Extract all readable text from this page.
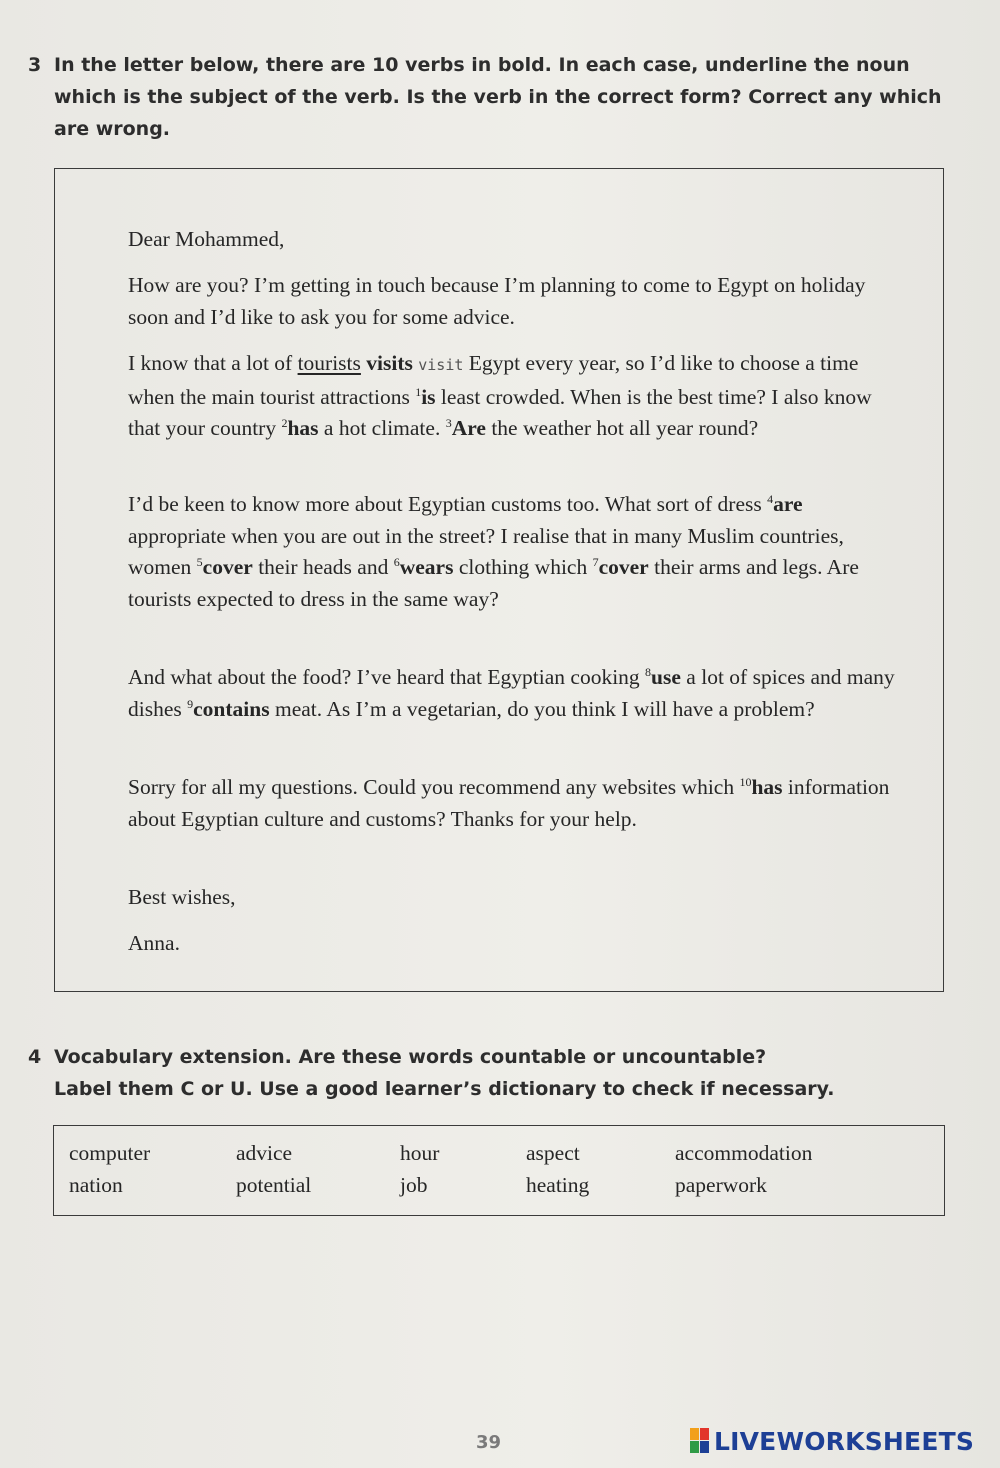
3 In the letter below, there are 10 verbs in bold. In each case, underline the noun which is the subject of the verb. Is the verb in the correct form? Correct any which are wrong.
Dear Mohammed,

How are you? I’m getting in touch because I’m planning to come to Egypt on holiday soon and I’d like to ask you for some advice.

I know that a lot of tourists visits visit Egypt every year, so I’d like to choose a time when the main tourist attractions $^1$is least crowded. When is the best time? I also know that your country $^2$has a hot climate. $^3$Are the weather hot all year round?

I’d be keen to know more about Egyptian customs too. What sort of dress $^4$are appropriate when you are out in the street? I realise that in many Muslim countries, women $^5$cover their heads and $^6$wears clothing which $^7$cover their arms and legs. Are tourists expected to dress in the same way?

And what about the food? I’ve heard that Egyptian cooking $^8$use a lot of spices and many dishes $^9$contains meat. As I’m a vegetarian, do you think I will have a problem?

Sorry for all my questions. Could you recommend any websites which $^{10}$has information about Egyptian culture and customs? Thanks for your help.

Best wishes,
Anna.
4 Vocabulary extension. Are these words countable or uncountable?
Label them C or U. Use a good learner’s dictionary to check if necessary.
computer	advice	hour	aspect	accommodation
nation	potential	job	heating	paperwork
39	LIVEWORKSHEETS
